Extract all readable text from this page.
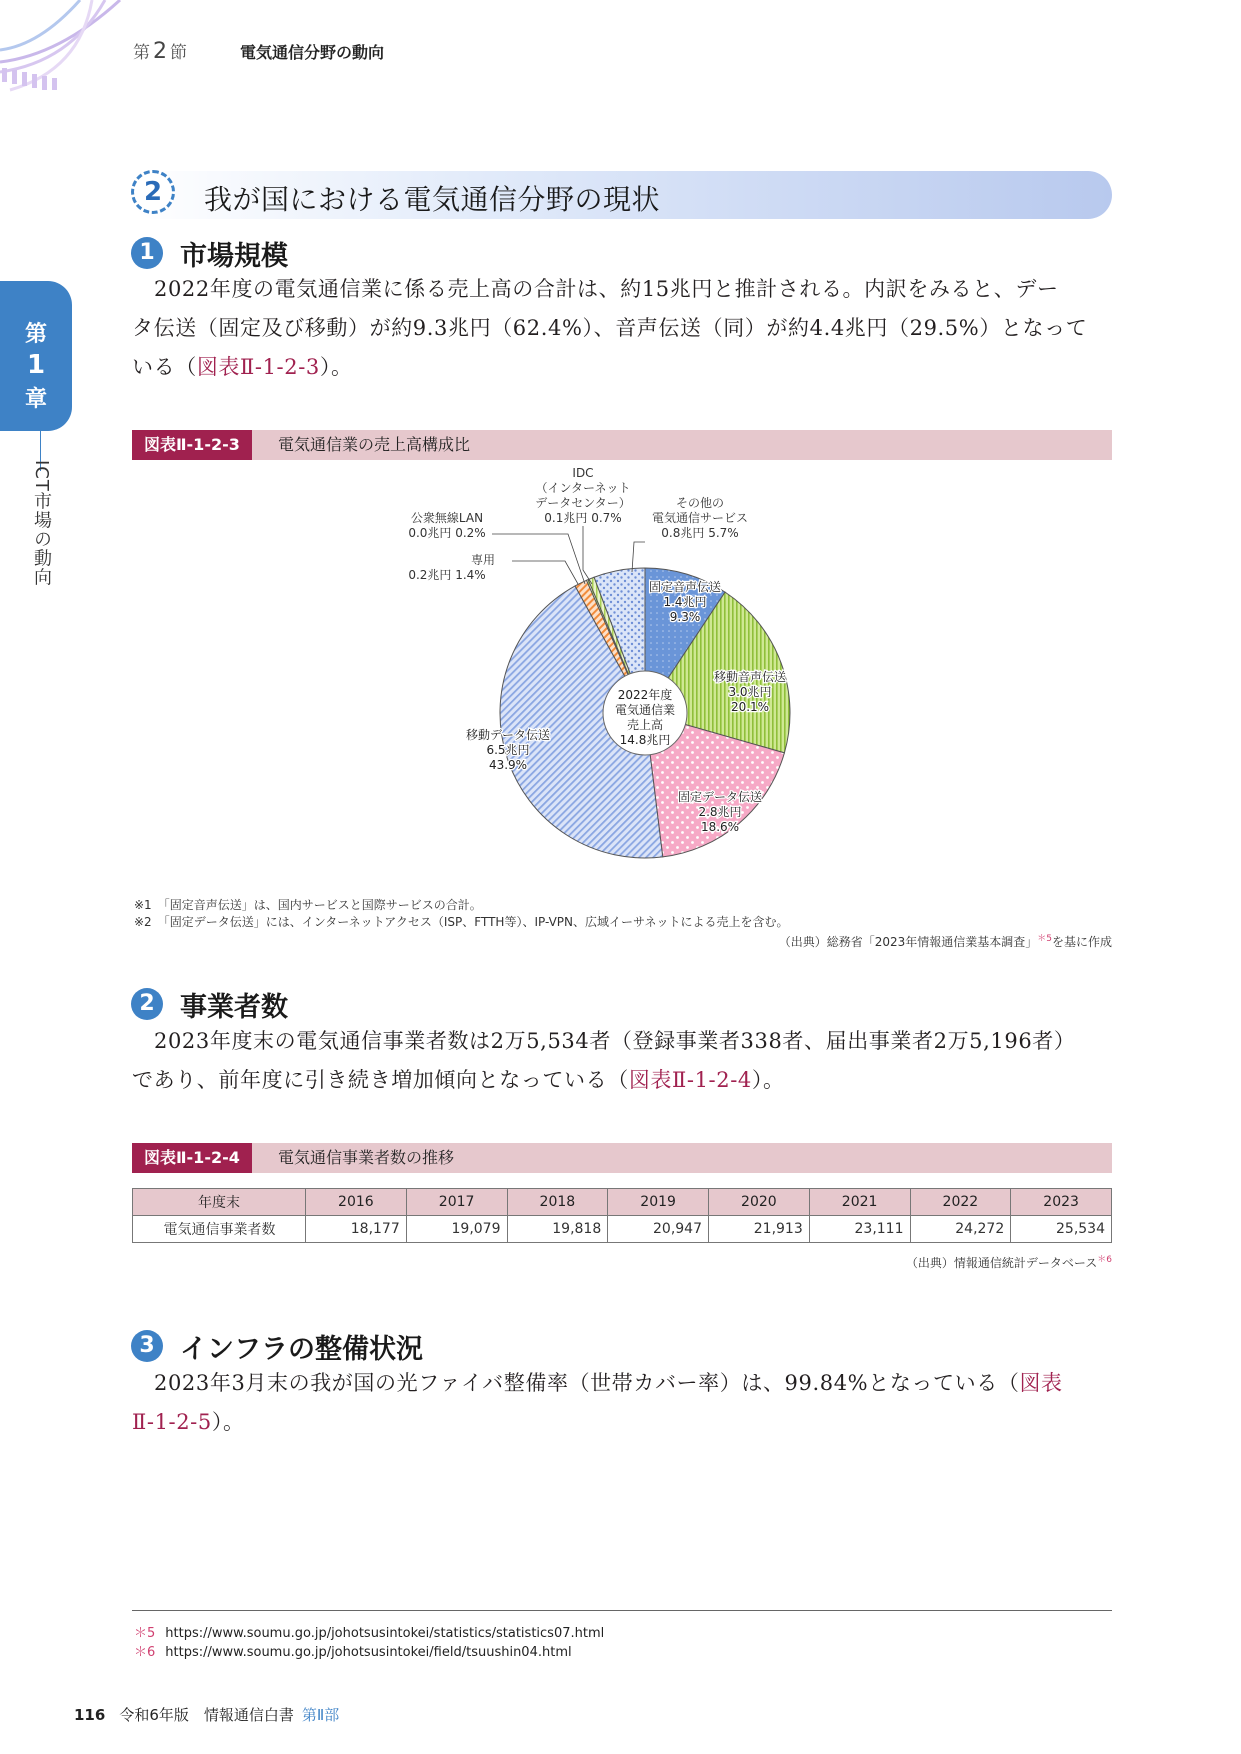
第 2 節	電気通信分野の動向
第
1
章
ICT市場の動向
2	我が国における電気通信分野の現状
1 市場規模
2022年度の電気通信業に係る売上高の合計は、約15兆円と推計される。内訳をみると、デー
タ伝送（固定及び移動）が約9.3兆円（62.4%）、音声伝送（同）が約4.4兆円（29.5%）となって
いる（図表Ⅱ-1-2-3）。
図表Ⅱ-1-2-3	電気通信業の売上高構成比
2022年度
電気通信業
売上高
14.8兆円
固定音声伝送
1.4兆円
9.3%
移動音声伝送
3.0兆円
20.1%
固定データ伝送
2.8兆円
18.6%
移動データ伝送
6.5兆円
43.9%
IDC
（インターネット
データセンター）
0.1兆円 0.7%
その他の
電気通信サービス
0.8兆円 5.7%
公衆無線LAN
0.0兆円 0.2%
専用
0.2兆円 1.4%
※1　「固定音声伝送」は、国内サービスと国際サービスの合計。
※2　「固定データ伝送」には、インターネットアクセス（ISP、FTTH等）、IP-VPN、広域イーサネットによる売上を含む。
（出典）総務省「2023年情報通信業基本調査」$^{*5}$を基に作成
2 事業者数
2023年度末の電気通信事業者数は2万5,534者（登録事業者338者、届出事業者2万5,196者）
であり、前年度に引き続き増加傾向となっている（図表Ⅱ-1-2-4）。
図表Ⅱ-1-2-4	電気通信事業者数の推移
年度末	2016	2017	2018	2019	2020	2021	2022	2023
電気通信事業者数	18,177	19,079	19,818	20,947	21,913	23,111	24,272	25,534
（出典）情報通信統計データベース$^{*6}$
3 インフラの整備状況
2023年3月末の我が国の光ファイバ整備率（世帯カバー率）は、99.84%となっている（図表
Ⅱ-1-2-5）。
＊5 https://www.soumu.go.jp/johotsusintokei/statistics/statistics07.html
＊6 https://www.soumu.go.jp/johotsusintokei/field/tsuushin04.html
116 令和6年版　情報通信白書 第Ⅱ部
